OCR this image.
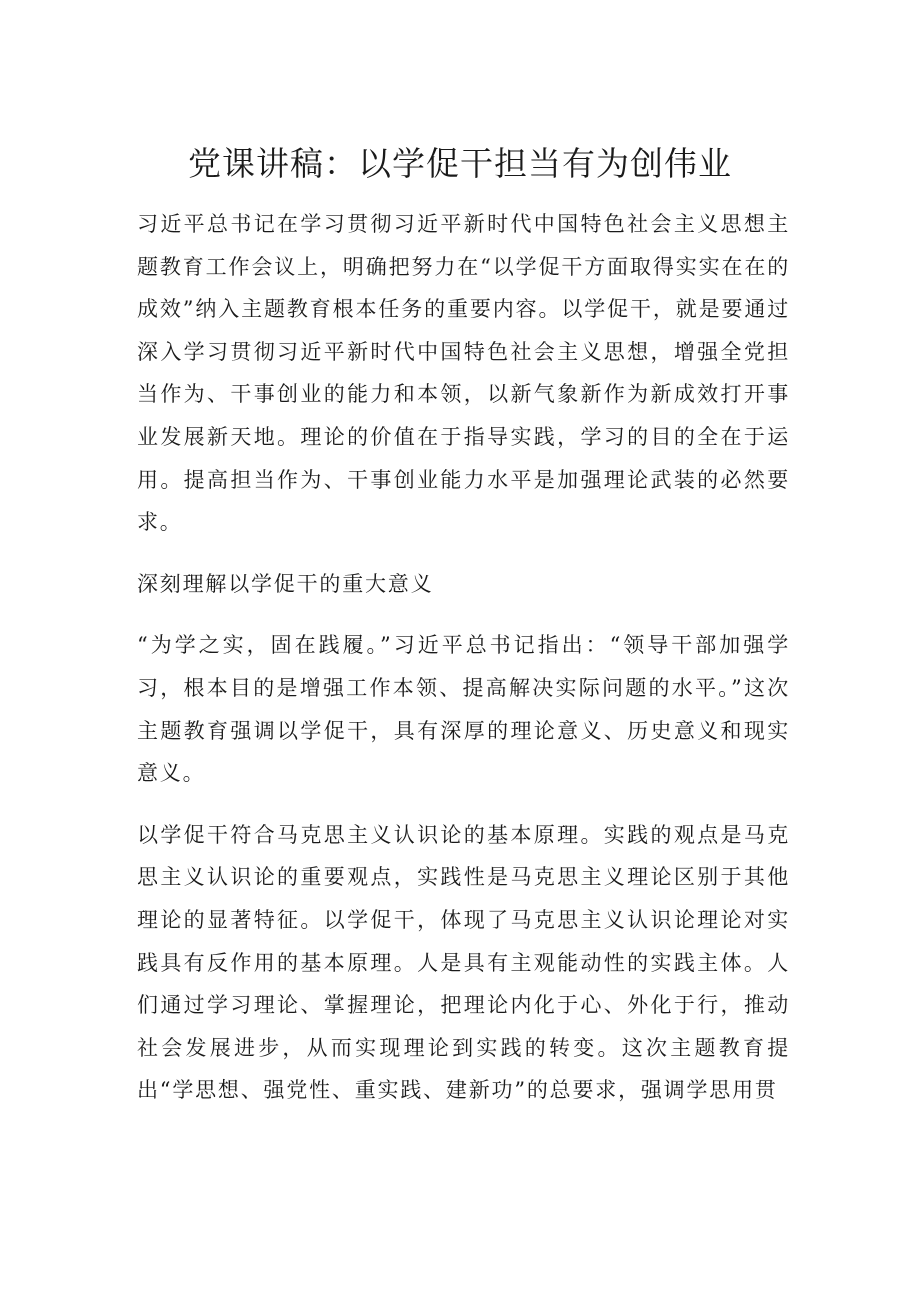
党课讲稿：以学促干担当有为创伟业

习近平总书记在学习贯彻习近平新时代中国特色社会主义思想主题教育工作会议上，明确把努力在“以学促干方面取得实实在在的成效”纳入主题教育根本任务的重要内容。以学促干，就是要通过深入学习贯彻习近平新时代中国特色社会主义思想，增强全党担当作为、干事创业的能力和本领，以新气象新作为新成效打开事业发展新天地。理论的价值在于指导实践，学习的目的全在于运用。提高担当作为、干事创业能力水平是加强理论武装的必然要求。

深刻理解以学促干的重大意义

“为学之实，固在践履。”习近平总书记指出：“领导干部加强学习，根本目的是增强工作本领、提高解决实际问题的水平。”这次主题教育强调以学促干，具有深厚的理论意义、历史意义和现实意义。

以学促干符合马克思主义认识论的基本原理。实践的观点是马克思主义认识论的重要观点，实践性是马克思主义理论区别于其他理论的显著特征。以学促干，体现了马克思主义认识论理论对实践具有反作用的基本原理。人是具有主观能动性的实践主体。人们通过学习理论、掌握理论，把理论内化于心、外化于行，推动社会发展进步，从而实现理论到实践的转变。这次主题教育提出“学思想、强党性、重实践、建新功”的总要求，强调学思用贯
